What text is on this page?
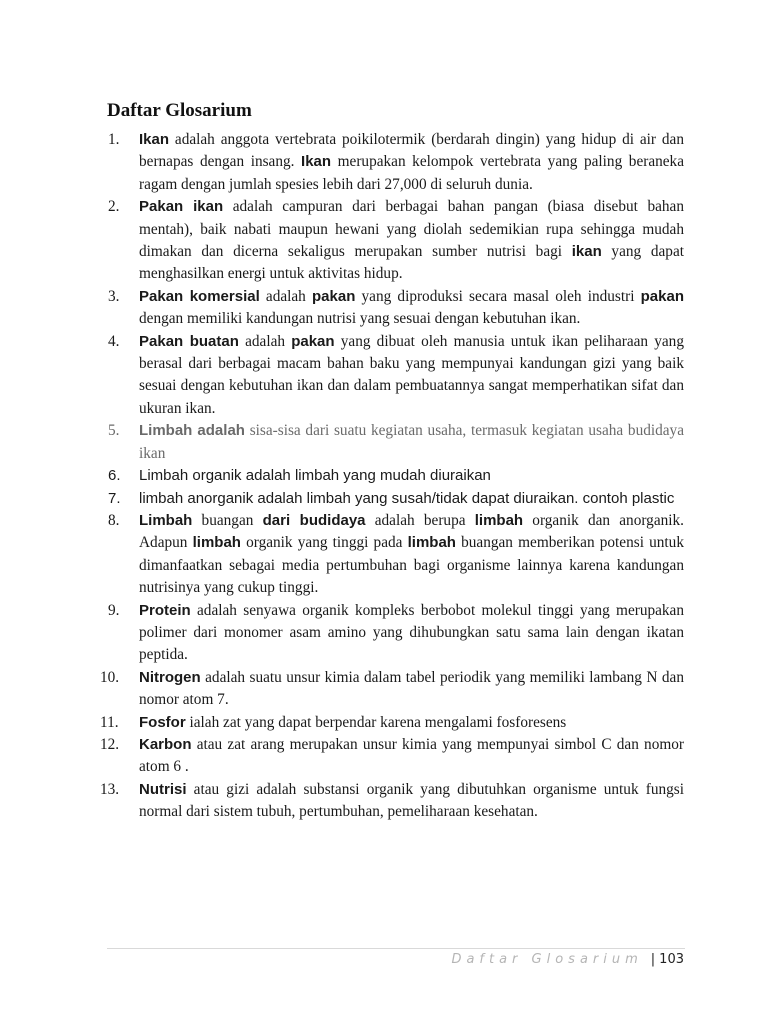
Daftar Glosarium
1.	Ikan adalah anggota vertebrata poikilotermik (berdarah dingin) yang hidup di air dan bernapas dengan insang. Ikan merupakan kelompok vertebrata yang paling beraneka ragam dengan jumlah spesies lebih dari 27,000 di seluruh dunia.
2.	Pakan ikan adalah campuran dari berbagai bahan pangan (biasa disebut bahan mentah), baik nabati maupun hewani yang diolah sedemikian rupa sehingga mudah dimakan dan dicerna sekaligus merupakan sumber nutrisi bagi ikan yang dapat menghasilkan energi untuk aktivitas hidup.
3.	Pakan komersial adalah pakan yang diproduksi secara masal oleh industri pakan dengan memiliki kandungan nutrisi yang sesuai dengan kebutuhan ikan.
4.	Pakan buatan adalah pakan yang dibuat oleh manusia untuk ikan peliharaan yang berasal dari berbagai macam bahan baku yang mempunyai kandungan gizi yang baik sesuai dengan kebutuhan ikan dan dalam pembuatannya sangat memperhatikan sifat dan ukuran ikan.
5.	Limbah adalah sisa-sisa dari suatu kegiatan usaha, termasuk kegiatan usaha budidaya ikan
6.	Limbah organik adalah limbah yang mudah diuraikan
7.	limbah anorganik adalah limbah yang susah/tidak dapat diuraikan. contoh plastic
8.	Limbah buangan dari budidaya adalah berupa limbah organik dan anorganik. Adapun limbah organik yang tinggi pada limbah buangan memberikan potensi untuk dimanfaatkan sebagai media pertumbuhan bagi organisme lainnya karena kandungan nutrisinya yang cukup tinggi.
9.	Protein adalah senyawa organik kompleks berbobot molekul tinggi yang merupakan polimer dari monomer asam amino yang dihubungkan satu sama lain dengan ikatan peptida.
10.	Nitrogen adalah suatu unsur kimia dalam tabel periodik yang memiliki lambang N dan nomor atom 7.
11.	Fosfor ialah zat yang dapat berpendar karena mengalami fosforesens
12.	Karbon atau zat arang merupakan unsur kimia yang mempunyai simbol C dan nomor atom 6 .
13.	Nutrisi atau gizi adalah substansi organik yang dibutuhkan organisme untuk fungsi normal dari sistem tubuh, pertumbuhan, pemeliharaan kesehatan.
Daftar Glosarium | 103
